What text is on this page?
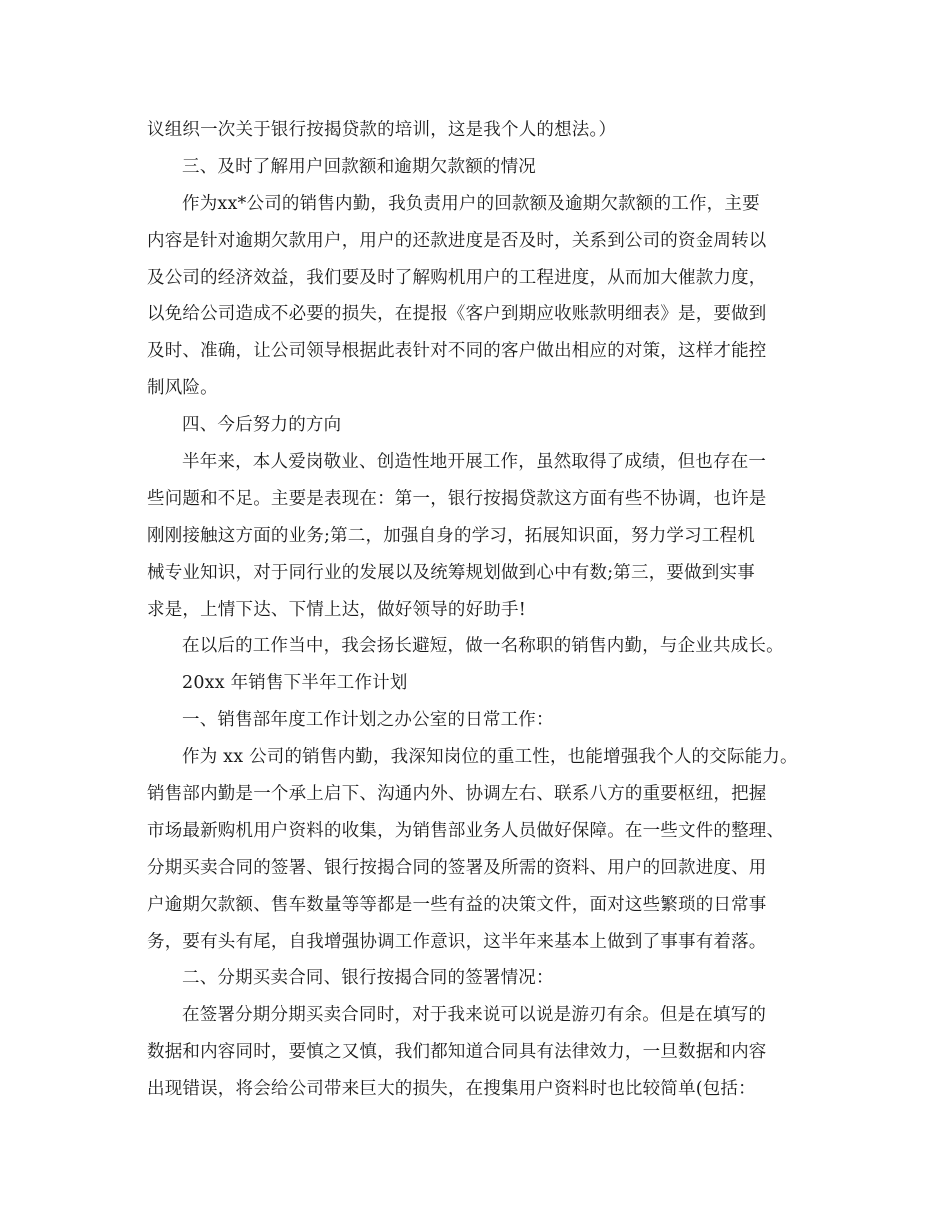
议组织一次关于银行按揭贷款的培训，这是我个人的想法。）
三、及时了解用户回款额和逾期欠款额的情况
作为xx*公司的销售内勤，我负责用户的回款额及逾期欠款额的工作，主要
内容是针对逾期欠款用户，用户的还款进度是否及时，关系到公司的资金周转以
及公司的经济效益，我们要及时了解购机用户的工程进度，从而加大催款力度，
以免给公司造成不必要的损失，在提报《客户到期应收账款明细表》是，要做到
及时、准确，让公司领导根据此表针对不同的客户做出相应的对策，这样才能控
制风险。
四、今后努力的方向
半年来，本人爱岗敬业、创造性地开展工作，虽然取得了成绩，但也存在一
些问题和不足。主要是表现在：第一，银行按揭贷款这方面有些不协调，也许是
刚刚接触这方面的业务;第二，加强自身的学习，拓展知识面，努力学习工程机
械专业知识，对于同行业的发展以及统筹规划做到心中有数;第三，要做到实事
求是，上情下达、下情上达，做好领导的好助手!
在以后的工作当中，我会扬长避短，做一名称职的销售内勤，与企业共成长。
20xx 年销售下半年工作计划
一、销售部年度工作计划之办公室的日常工作：
作为 xx 公司的销售内勤，我深知岗位的重工性，也能增强我个人的交际能力。
销售部内勤是一个承上启下、沟通内外、协调左右、联系八方的重要枢纽，把握
市场最新购机用户资料的收集，为销售部业务人员做好保障。在一些文件的整理、
分期买卖合同的签署、银行按揭合同的签署及所需的资料、用户的回款进度、用
户逾期欠款额、售车数量等等都是一些有益的决策文件，面对这些繁琐的日常事
务，要有头有尾，自我增强协调工作意识，这半年来基本上做到了事事有着落。
二、分期买卖合同、银行按揭合同的签署情况：
在签署分期分期买卖合同时，对于我来说可以说是游刃有余。但是在填写的
数据和内容同时，要慎之又慎，我们都知道合同具有法律效力，一旦数据和内容
出现错误，将会给公司带来巨大的损失，在搜集用户资料时也比较简单(包括：
